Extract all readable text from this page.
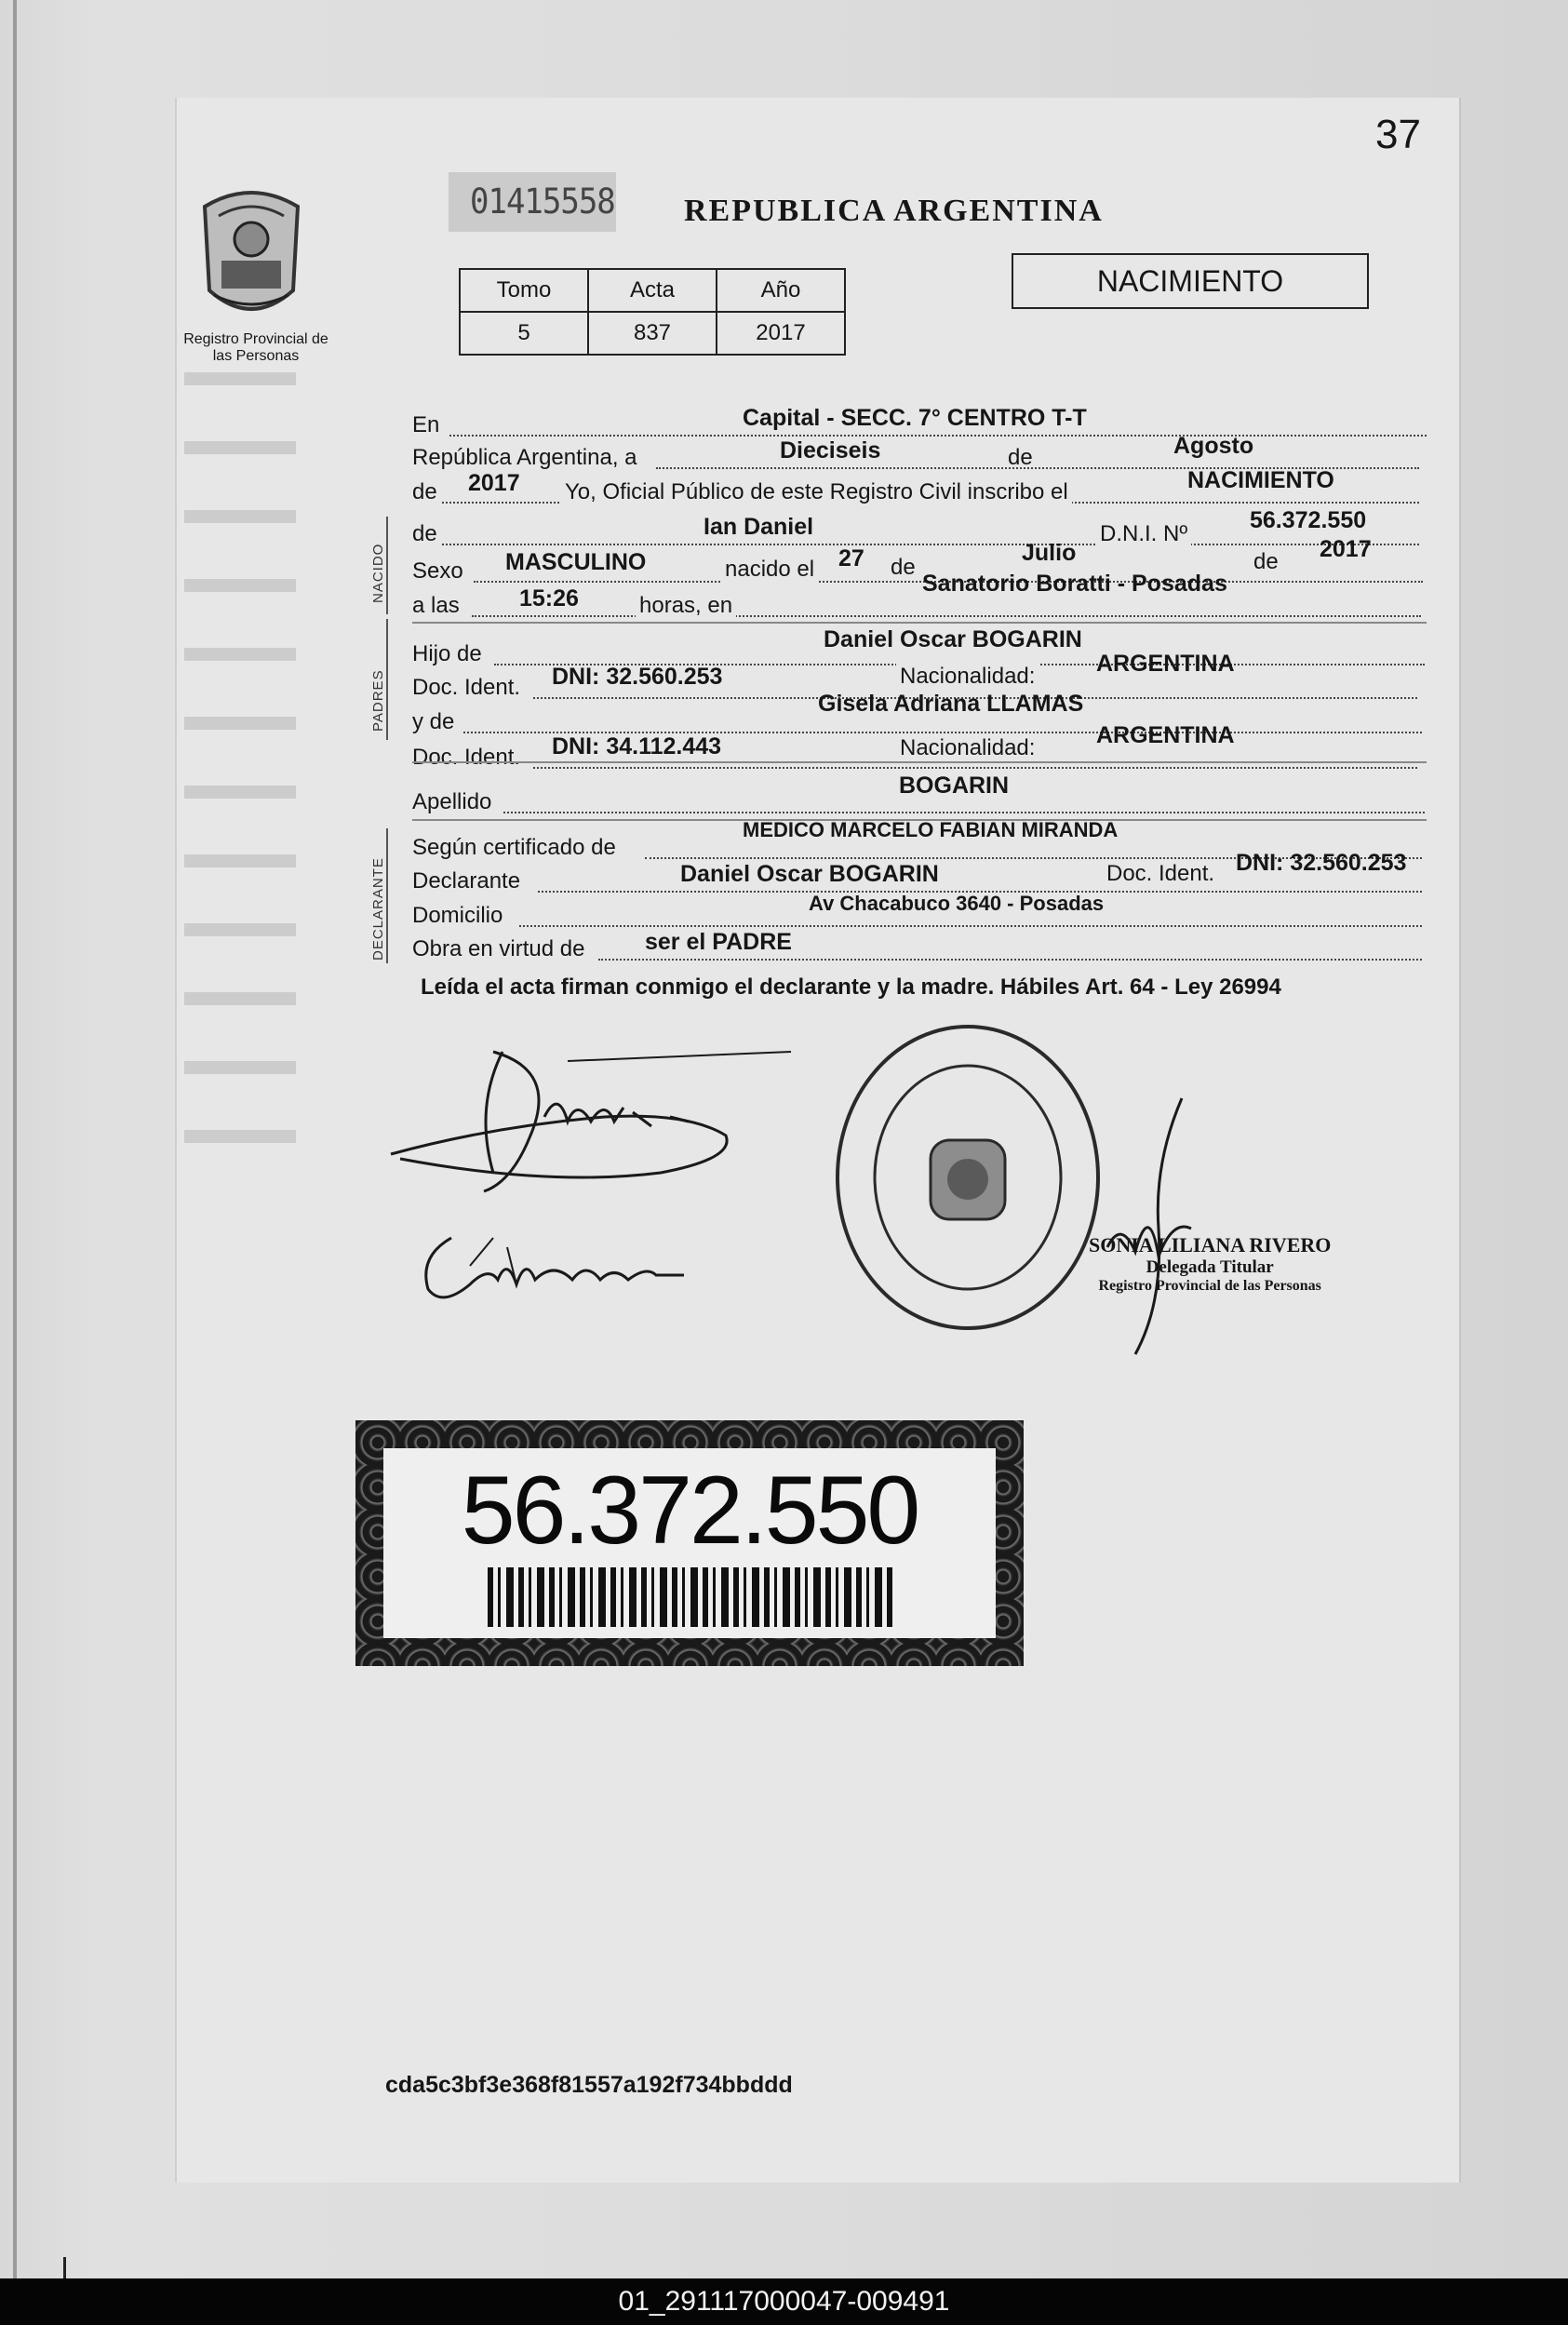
37
Registro Provincial de las Personas
01415558 REPUBLICA ARGENTINA
Tomo	Acta	Año
5	837	2017
NACIMIENTO
NACIDO
PADRES
DECLARANTE
En	Capital - SECC. 7° CENTRO T-T
República Argentina, a	Dieciseis	de	Agosto
de 2017 Yo, Oficial Público de este Registro Civil inscribo el	NACIMIENTO
de	Ian Daniel	D.N.I. Nº
56.372.550
Sexo MASCULINO	nacido el 27 de
Julio	de 2017
a las	15:26	horas, en
Sanatorio Boratti - Posadas
Hijo de
Daniel Oscar BOGARIN
Doc. Ident. DNI: 32.560.253	Nacionalidad:	ARGENTINA
y de
Gisela Adriana LLAMAS
Doc. Ident. DNI: 34.112.443	Nacionalidad:	ARGENTINA
Apellido
BOGARIN
Según certificado de
MEDICO MARCELO FABIAN MIRANDA
Declarante	Daniel Oscar BOGARIN	Doc. Ident. DNI: 32.560.253
Domicilio	Av Chacabuco 3640 - Posadas
Obra en virtud de	ser el PADRE
Leída el acta firman conmigo el declarante y la madre. Hábiles Art. 64 - Ley 26994
SONIA LILIANA RIVERO
Delegada Titular
Registro Provincial de las Personas
56.372.550
cda5c3bf3e368f81557a192f734bbddd
01_291117000047-009491
